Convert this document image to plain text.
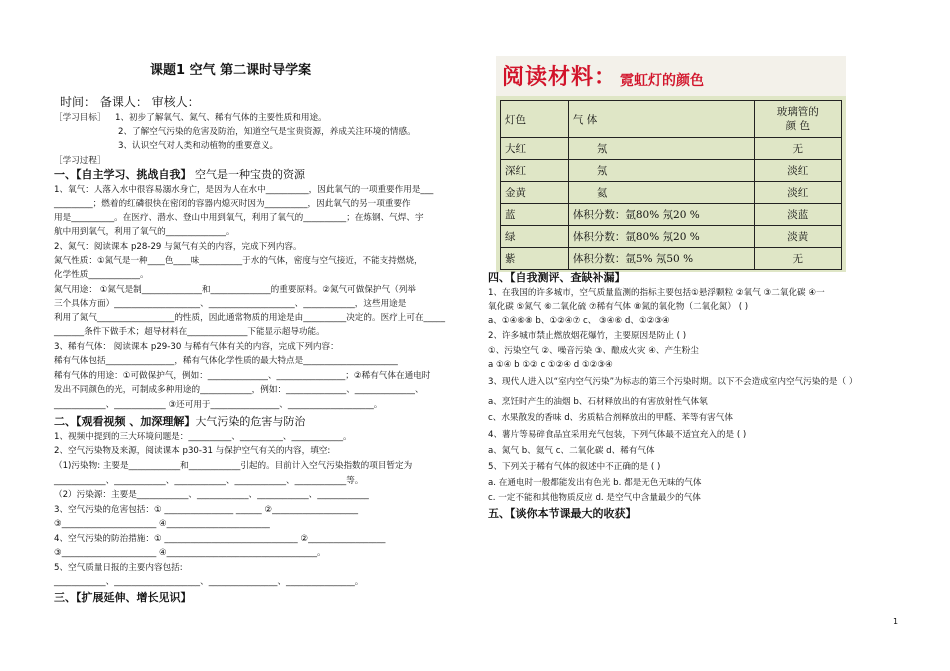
课题1 空气 第二课时导学案
时间： 备课人： 审核人：
［学习目标］ 1、初步了解氧气、氮气、稀有气体的主要性质和用途。
2、了解空气污染的危害及防治，知道空气是宝贵资源，养成关注环境的情感。
3、认识空气对人类和动植物的重要意义。
［学习过程］
一、【自主学习、挑战自我】 空气是一种宝贵的资源
1、氧气：人落入水中很容易溺水身亡，是因为人在水中__________，因此氧气的一项重要作用是___
_________；燃着的红磷很快在密闭的容器内熄灭时因为__________，因此氧气的另一项重要作
用是__________。在医疗、潜水、登山中用到氧气，利用了氧气的__________；在炼钢、气焊、宇
航中用到氧气，利用了氧气的______________。
2、氮气：阅读课本 p28-29 与氮气有关的内容，完成下列内容。
氮气性质：①氮气是一种____色____味__________于水的气体，密度与空气接近，不能支持燃烧，
化学性质____________。
氮气用途： ①氮气是制______________和______________的重要原料。②氮气可做保护气（列举
三个具体方面）____________________、____________________、____________，这些用途是
利用了氮气__________________的性质，因此通常物质的用途是由__________决定的。医疗上可在_____
_______条件下做手术；超导材料在______________下能显示超导功能。
3、稀有气体： 阅读课本 p29-30 与稀有气体有关的内容，完成下列内容：
稀有气体包括________________，稀有气体化学性质的最大特点是______________________
稀有气体的用途：①可做保护气，例如：______________、________________；②稀有气体在通电时
发出不同颜色的光，可制成多种用途的____________，例如：______________、______________、
____________、____________ ③还可用于________________、____________________。
二、【观看视频 、加深理解】大气污染的危害与防治
1、视频中提到的三大环境问题是：__________、__________、____________。
2、空气污染物及来源，阅读课本 p30-31 与保护空气有关的内容，填空:
（1)污染物: 主要是____________和____________引起的。目前计入空气污染指数的项目暂定为
____________、____________、____________、____________、____________等。
（2）污染源：主要是____________、____________、____________、____________
3、空气污染的危害包括：① ________________ ______ ②____________________
③______________________ ④________________________
4、空气污染的防治措施：① _______________________________ ②__________________
③______________________ ④___________________________________。
5、空气质量日报的主要内容包括:
____________、____________________、________________、________________。
三、【扩展延伸、增长见识】
阅读材料： 霓虹灯的颜色
灯色	气 体	玻璃管的
颜 色
大红	氖	无
深红	氖	淡红
金黄	氦	淡红
蓝	体积分数：氩80% 氖20 %	淡蓝
绿	体积分数：氩80% 氖20 %	淡黄
紫	体积分数：氩5% 氖50 %	无
四、【自我测评、查缺补漏】
1、在我国的许多城市，空气质量监测的指标主要包括①悬浮颗粒 ②氧气 ③二氧化碳 ④一
氧化碳 ⑤氮气 ⑥二氧化硫 ⑦稀有气体 ⑧氮的氧化物（二氧化氮） ( )
a、①④⑥⑧ b、①②④⑦ c、 ③④⑥ d、①②③④
2、许多城市禁止燃放烟花爆竹，主要原因是防止 ( )
①、污染空气 ②、噪音污染 ③、酿成火灾 ④、产生粉尘
a ①④ b ①② c ①②④ d ①②③④
3、现代人进入以“室内空气污染”为标志的第三个污染时期。以下不会造成室内空气污染的是（ ）
a、烹饪时产生的油烟 b、石材释放出的有害放射性气体氡
c、水果散发的香味 d、劣质粘合剂释放出的甲醛、苯等有害气体
4、薯片等易碎食品宜采用充气包装，下列气体最不适宜充入的是 ( )
a、氮气 b、氦气 c、二氧化碳 d、稀有气体
5、下列关于稀有气体的叙述中不正确的是 ( )
a. 在通电时一般都能发出有色光 b. 都是无色无味的气体
c. 一定不能和其他物质反应 d. 是空气中含量最少的气体
五、【谈你本节课最大的收获】
1
